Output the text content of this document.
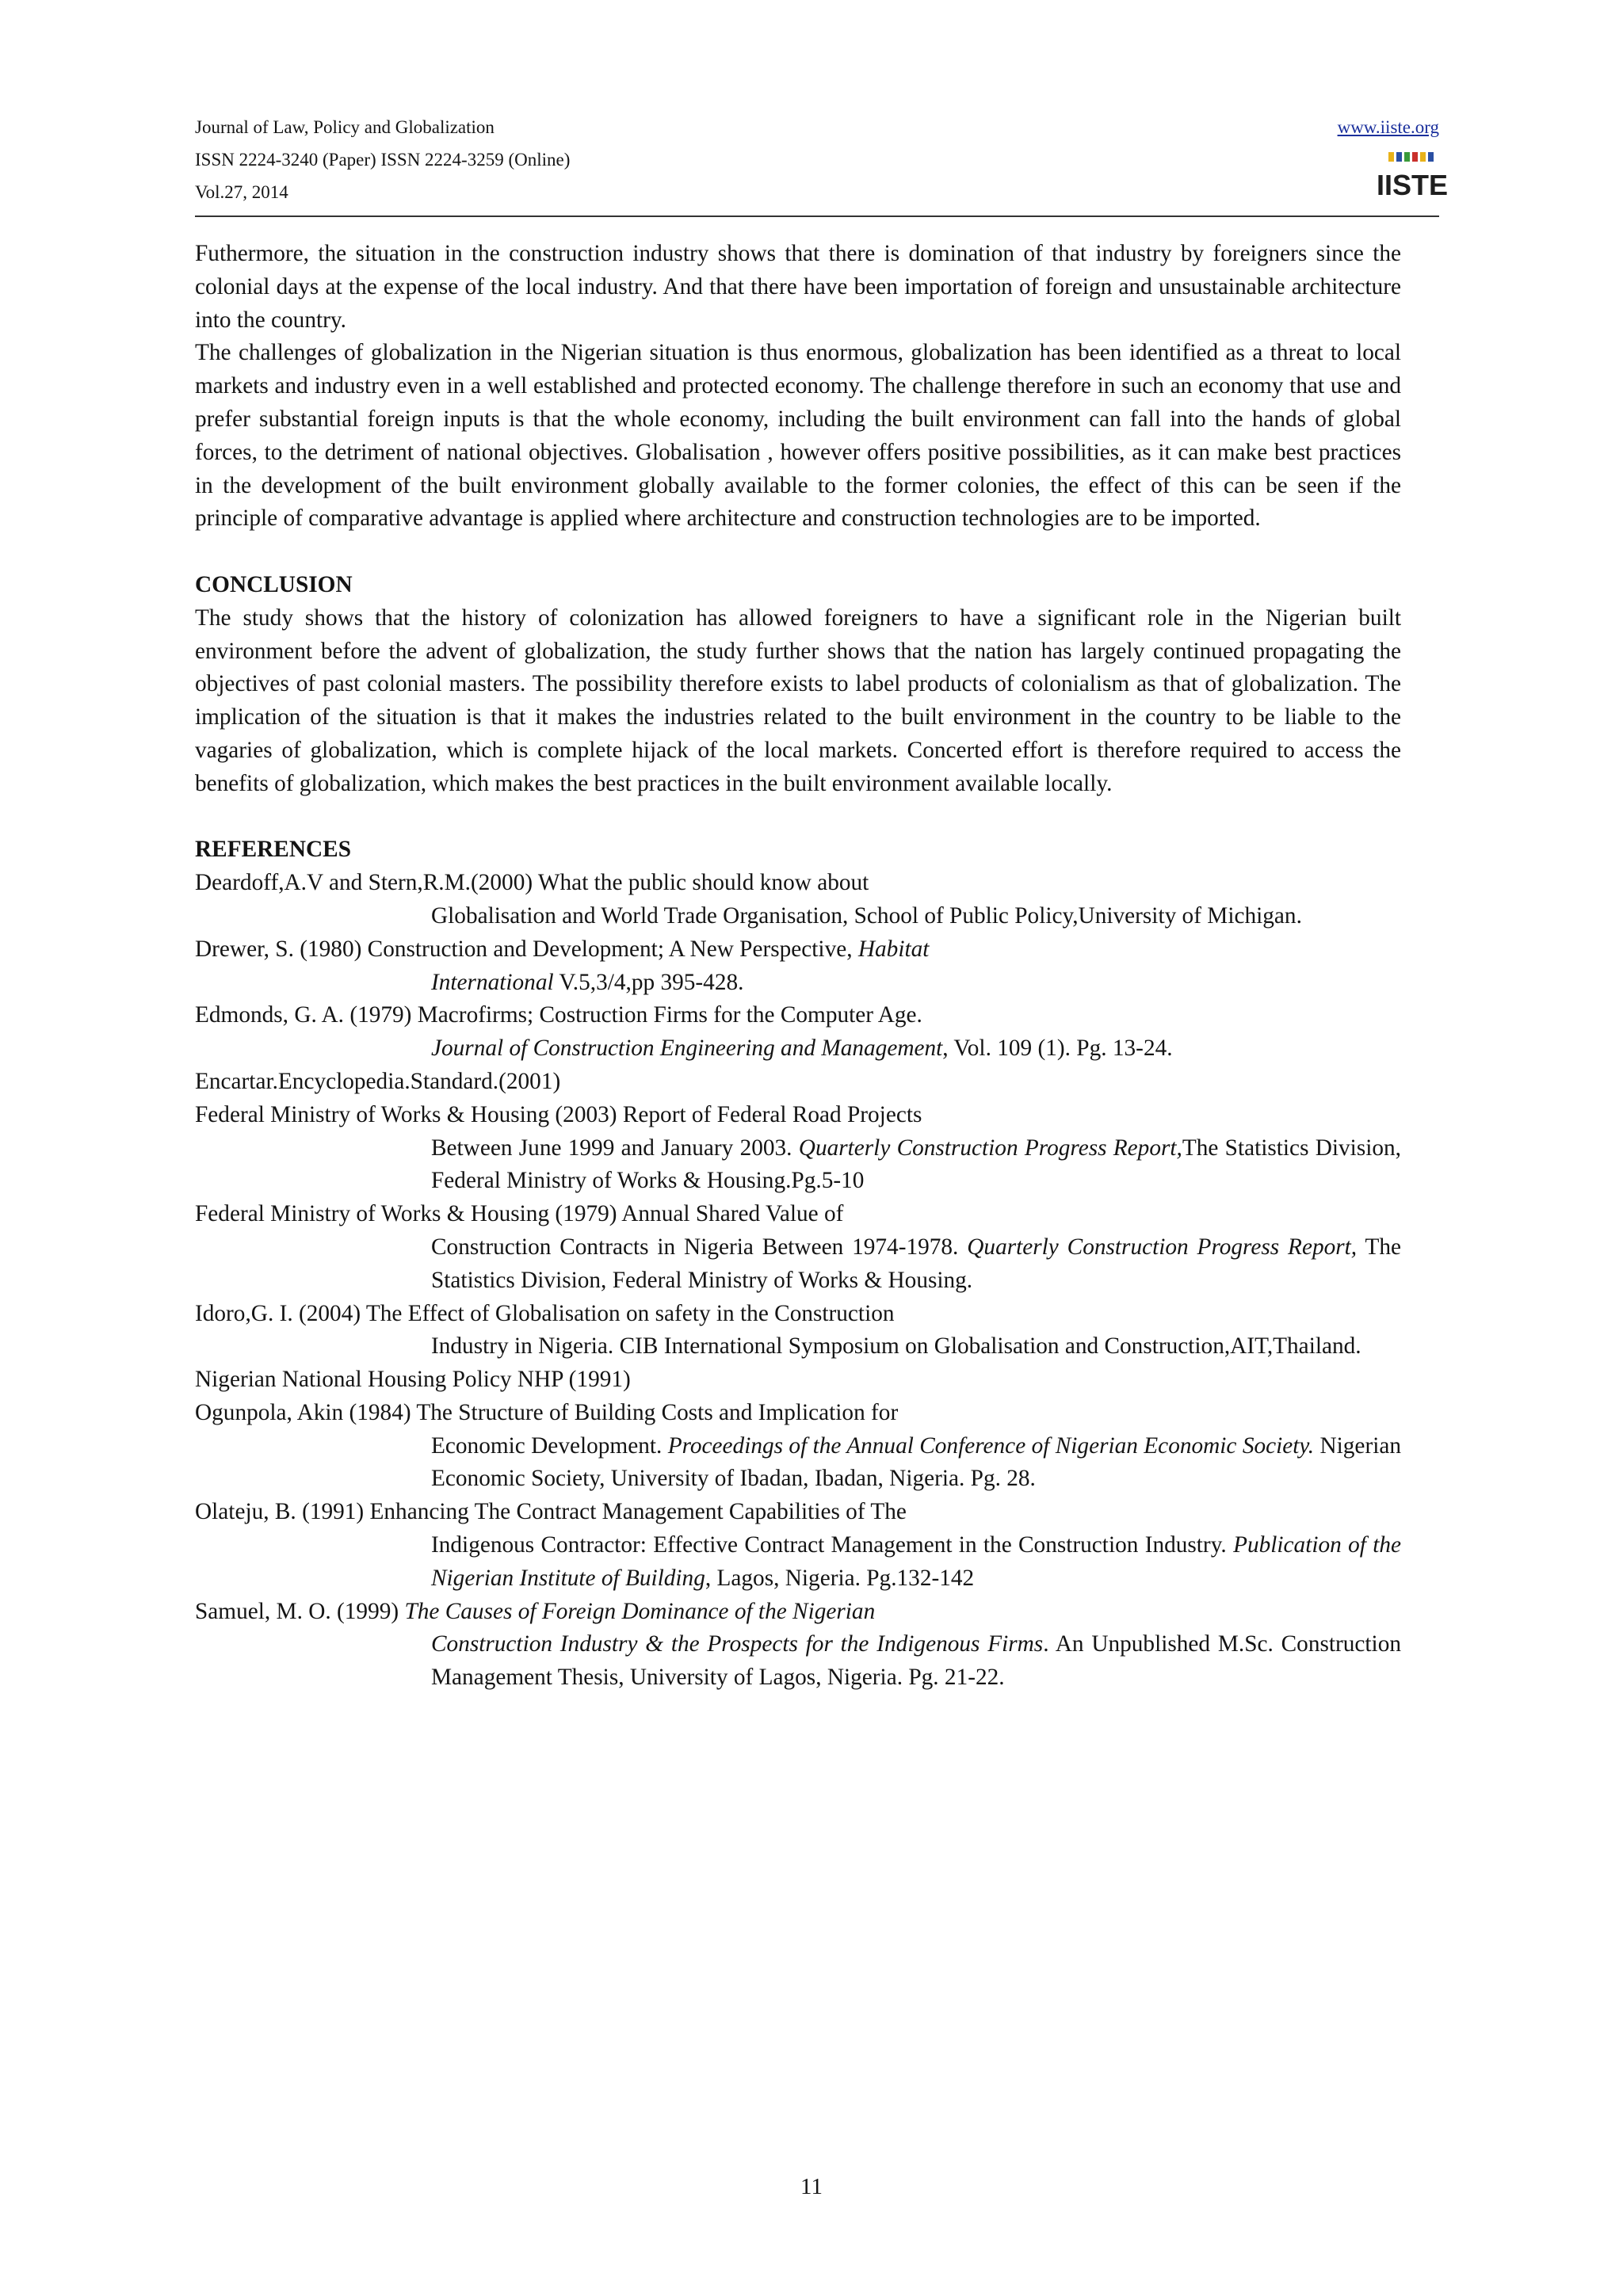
Journal of Law, Policy and Globalization
ISSN 2224-3240 (Paper) ISSN 2224-3259 (Online)
Vol.27, 2014
www.iiste.org
IISTE

Futhermore, the situation in the construction industry shows that there is domination of that industry by foreigners since the colonial days at the expense of the local industry. And that there have been importation of foreign and unsustainable architecture into the country.

The challenges of globalization in the Nigerian situation is thus enormous, globalization has been identified as a threat to local markets and industry even in a well established and protected economy. The challenge therefore in such an economy that use and prefer substantial foreign inputs is that the whole economy, including the built environment can fall into the hands of global forces, to the detriment of national objectives. Globalisation , however offers positive possibilities, as it can make best practices in the development of the built environment globally available to the former colonies, the effect of this can be seen if the principle of comparative advantage is applied where architecture and construction technologies are to be imported.

CONCLUSION

The study shows that the history of colonization has allowed foreigners to have a significant role in the Nigerian built environment before the advent of globalization, the study further shows that the nation has largely continued propagating the objectives of past colonial masters. The possibility therefore exists to label products of colonialism as that of globalization. The implication of the situation is that it makes the industries related to the built environment in the country to be liable to the vagaries of globalization, which is complete hijack of the local markets. Concerted effort is therefore required to access the benefits of globalization, which makes the best practices in the built environment available locally.

REFERENCES

Deardoff,A.V and Stern,R.M.(2000) What the public should know about
Globalisation and World Trade Organisation, School of Public Policy,University of Michigan.
Drewer, S. (1980) Construction and Development; A New Perspective, Habitat
International V.5,3/4,pp 395-428.
Edmonds, G. A. (1979) Macrofirms; Costruction Firms for the Computer Age.
Journal of Construction Engineering and Management, Vol. 109 (1). Pg. 13-24.
Encartar.Encyclopedia.Standard.(2001)
Federal Ministry of Works & Housing (2003) Report of Federal Road Projects
Between June 1999 and January 2003. Quarterly Construction Progress Report,The Statistics Division, Federal Ministry of Works & Housing.Pg.5-10
Federal Ministry of Works & Housing (1979) Annual Shared Value of
Construction Contracts in Nigeria Between 1974-1978. Quarterly Construction Progress Report, The Statistics Division, Federal Ministry of Works & Housing.
Idoro,G. I. (2004) The Effect of Globalisation on safety in the Construction
Industry in Nigeria. CIB International Symposium on Globalisation and Construction,AIT,Thailand.
Nigerian National Housing Policy NHP (1991)
Ogunpola, Akin (1984) The Structure of Building Costs and Implication for
Economic Development. Proceedings of the Annual Conference of Nigerian Economic Society. Nigerian Economic Society, University of Ibadan, Ibadan, Nigeria. Pg. 28.
Olateju, B. (1991) Enhancing The Contract Management Capabilities of The
Indigenous Contractor: Effective Contract Management in the Construction Industry. Publication of the Nigerian Institute of Building, Lagos, Nigeria. Pg.132-142
Samuel, M. O. (1999) The Causes of Foreign Dominance of the Nigerian
Construction Industry & the Prospects for the Indigenous Firms. An Unpublished M.Sc. Construction Management Thesis, University of Lagos, Nigeria. Pg. 21-22.
11
